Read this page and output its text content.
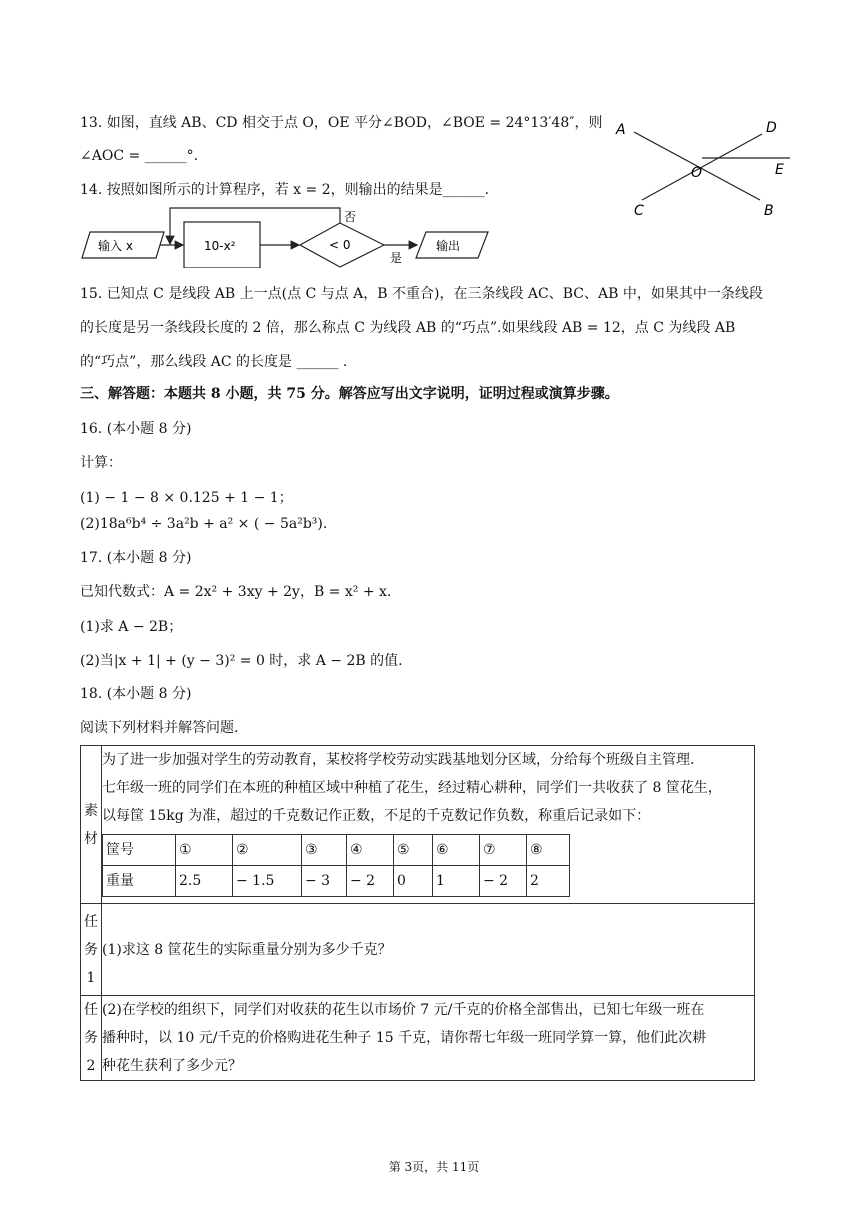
13. 如图，直线 AB、CD 相交于点 O，OE 平分∠BOD，∠BOE = 24°13′48″，则
∠AOC = ______°.
A	D
E
O
C	B
14. 按照如图所示的计算程序，若 x = 2，则输出的结果是______.
输入 x	10-x²	< 0
否
是
输出
15. 已知点 C 是线段 AB 上一点(点 C 与点 A，B 不重合)，在三条线段 AC、BC、AB 中，如果其中一条线段
的长度是另一条线段长度的 2 倍，那么称点 C 为线段 AB 的“巧点”.如果线段 AB = 12，点 C 为线段 AB
的“巧点”，那么线段 AC 的长度是 ______ .
三、解答题：本题共 8 小题，共 75 分。解答应写出文字说明，证明过程或演算步骤。
16. (本小题 8 分)
计算：
(1) − 1 − 8 × 0.125 + 1 − 1；
(2)18a⁶b⁴ ÷ 3a²b + a² × ( − 5a²b³).
17. (本小题 8 分)
已知代数式：A = 2x² + 3xy + 2y，B = x² + x.
(1)求 A − 2B；
(2)当|x + 1| + (y − 3)² = 0 时，求 A − 2B 的值.
18. (本小题 8 分)
阅读下列材料并解答问题.
素
材

为了进一步加强对学生的劳动教育，某校将学校劳动实践基地划分区域，分给每个班级自主管理.
七年级一班的同学们在本班的种植区域中种植了花生，经过精心耕种，同学们一共收获了 8 筐花生，
以每筐 15kg 为准，超过的千克数记作正数，不足的千克数记作负数，称重后记录如下：
筐号	①	②	③	④	⑤	⑥	⑦	⑧
重量	2.5	− 1.5	− 3	− 2	0	1	− 2	2

任
务
1
	(1)求这 8 筐花生的实际重量分别为多少千克？

任
务
2

(2)在学校的组织下，同学们对收获的花生以市场价 7 元/千克的价格全部售出，已知七年级一班在
播种时，以 10 元/千克的价格购进花生种子 15 千克，请你帮七年级一班同学算一算，他们此次耕
种花生获利了多少元？
第 3页，共 11页
